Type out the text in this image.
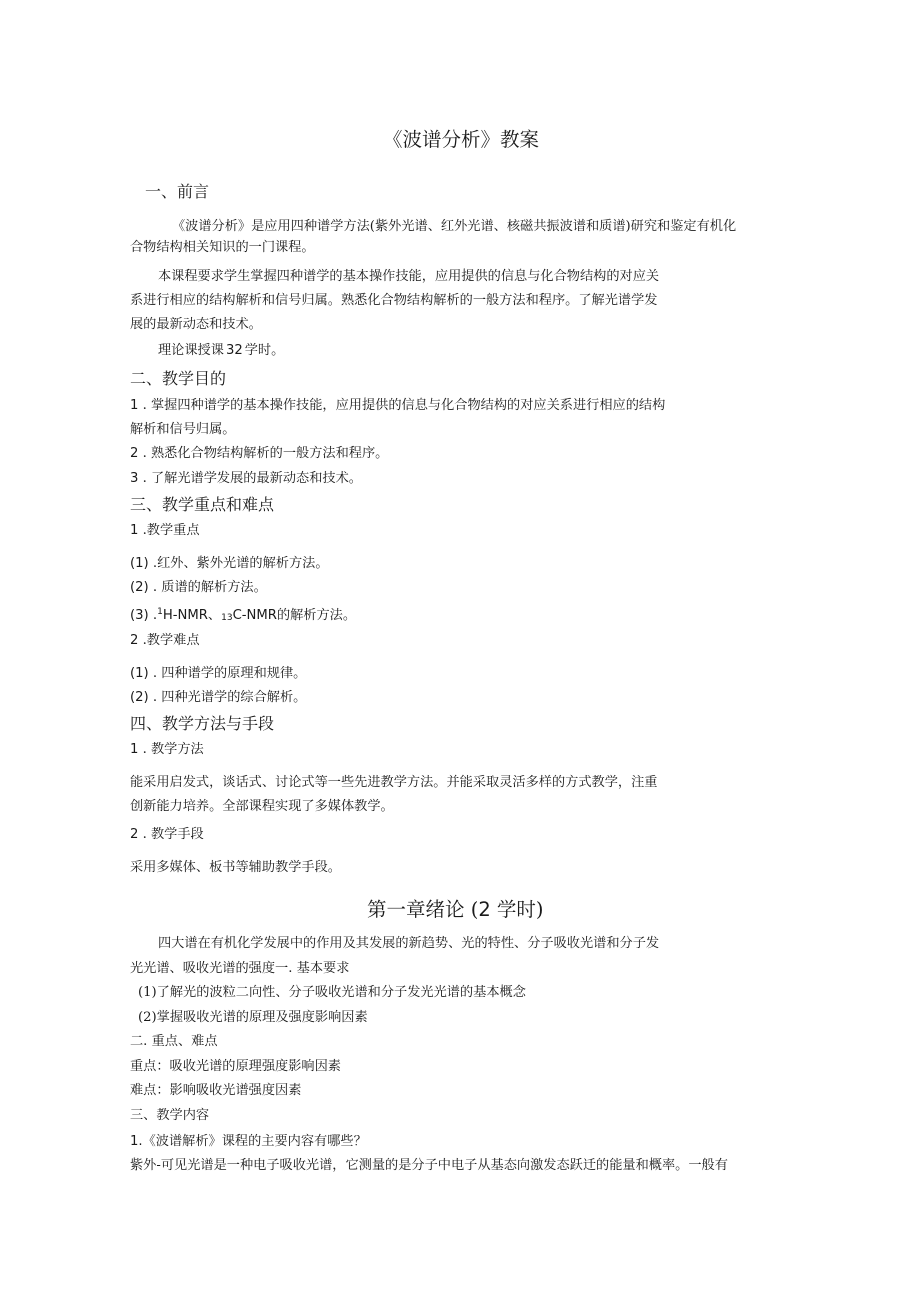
《波谱分析》教案
一、前言
《波谱分析》是应用四种谱学方法(紫外光谱、红外光谱、核磁共振波谱和质谱)研究和鉴定有机化
合物结构相关知识的一门课程。
本课程要求学生掌握四种谱学的基本操作技能，应用提供的信息与化合物结构的对应关
系进行相应的结构解析和信号归属。熟悉化合物结构解析的一般方法和程序。了解光谱学发
展的最新动态和技术。
理论课授课 32 学时。
二、教学目的
1 . 掌握四种谱学的基本操作技能，应用提供的信息与化合物结构的对应关系进行相应的结构
解析和信号归属。
2 . 熟悉化合物结构解析的一般方法和程序。
3 . 了解光谱学发展的最新动态和技术。
三、教学重点和难点
1 .教学重点
(1) .红外、紫外光谱的解析方法。
(2) . 质谱的解析方法。
(3) .$^1$H-NMR、$_{13}$C-NMR的解析方法。
2 .教学难点
(1) . 四种谱学的原理和规律。
(2) . 四种光谱学的综合解析。
四、教学方法与手段
1 . 教学方法
能采用启发式，谈话式、讨论式等一些先进教学方法。并能采取灵活多样的方式教学，注重
创新能力培养。全部课程实现了多媒体教学。
2 . 教学手段
采用多媒体、板书等辅助教学手段。
第一章绪论 (2 学时)
四大谱在有机化学发展中的作用及其发展的新趋势、光的特性、分子吸收光谱和分子发
光光谱、吸收光谱的强度一. 基本要求
(1)了解光的波粒二向性、分子吸收光谱和分子发光光谱的基本概念
(2)掌握吸收光谱的原理及强度影响因素
二. 重点、难点
重点：吸收光谱的原理强度影响因素
难点：影响吸收光谱强度因素
三、教学内容
1.《波谱解析》课程的主要内容有哪些？
紫外-可见光谱是一种电子吸收光谱，它测量的是分子中电子从基态向激发态跃迁的能量和概率。一般有
